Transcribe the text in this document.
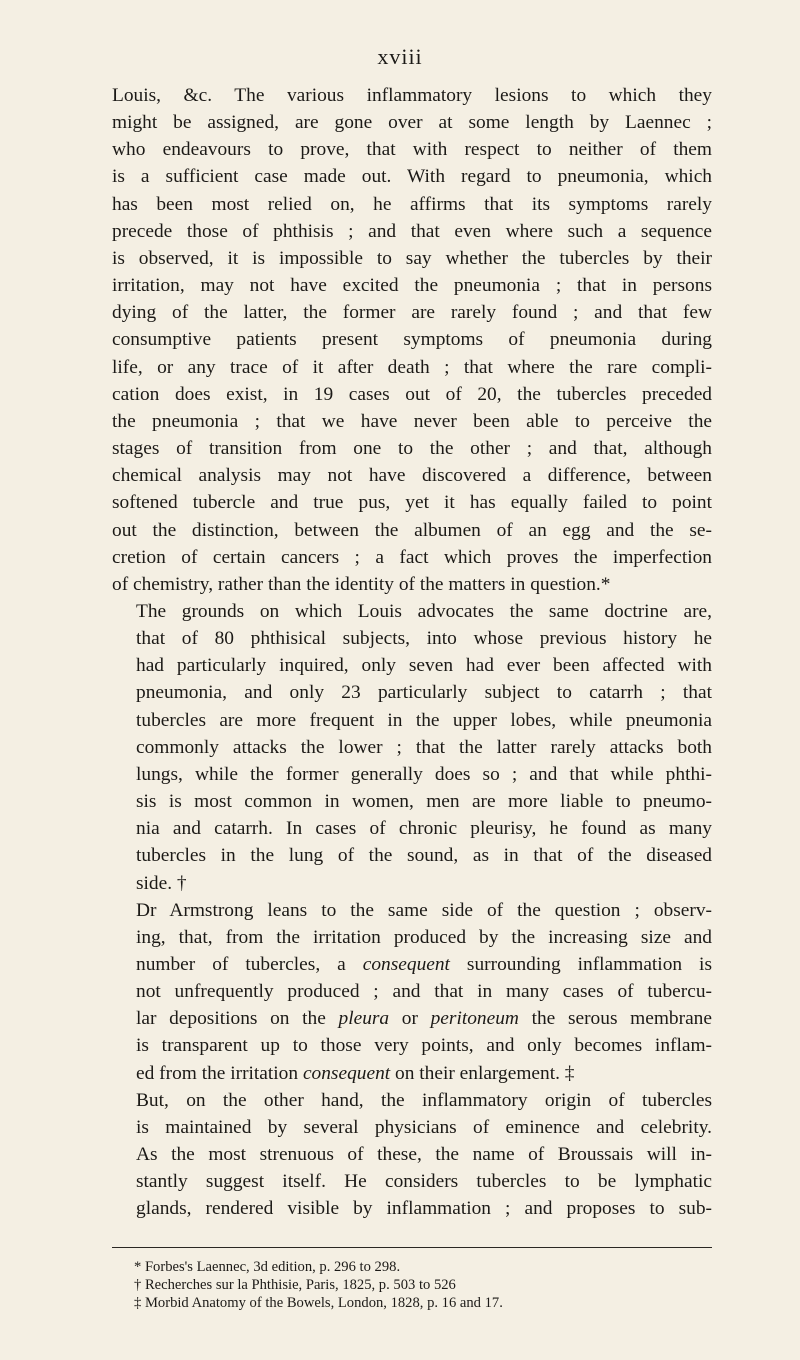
xviii

Louis, &c. The various inflammatory lesions to which they
might be assigned, are gone over at some length by Laennec ;
who endeavours to prove, that with respect to neither of them
is a sufficient case made out. With regard to pneumonia, which
has been most relied on, he affirms that its symptoms rarely
precede those of phthisis ; and that even where such a sequence
is observed, it is impossible to say whether the tubercles by their
irritation, may not have excited the pneumonia ; that in persons
dying of the latter, the former are rarely found ; and that few
consumptive patients present symptoms of pneumonia during
life, or any trace of it after death ; that where the rare compli-
cation does exist, in 19 cases out of 20, the tubercles preceded
the pneumonia ; that we have never been able to perceive the
stages of transition from one to the other ; and that, although
chemical analysis may not have discovered a difference, between
softened tubercle and true pus, yet it has equally failed to point
out the distinction, between the albumen of an egg and the se-
cretion of certain cancers ; a fact which proves the imperfection
of chemistry, rather than the identity of the matters in question.*

The grounds on which Louis advocates the same doctrine are,
that of 80 phthisical subjects, into whose previous history he
had particularly inquired, only seven had ever been affected with
pneumonia, and only 23 particularly subject to catarrh ; that
tubercles are more frequent in the upper lobes, while pneumonia
commonly attacks the lower ; that the latter rarely attacks both
lungs, while the former generally does so ; and that while phthi-
sis is most common in women, men are more liable to pneumo-
nia and catarrh. In cases of chronic pleurisy, he found as many
tubercles in the lung of the sound, as in that of the diseased
side. †

Dr Armstrong leans to the same side of the question ; observ-
ing, that, from the irritation produced by the increasing size and
number of tubercles, a consequent surrounding inflammation is
not unfrequently produced ; and that in many cases of tubercu-
lar depositions on the pleura or peritoneum the serous membrane
is transparent up to those very points, and only becomes inflam-
ed from the irritation consequent on their enlargement. ‡

But, on the other hand, the inflammatory origin of tubercles
is maintained by several physicians of eminence and celebrity.
As the most strenuous of these, the name of Broussais will in-
stantly suggest itself. He considers tubercles to be lymphatic
glands, rendered visible by inflammation ; and proposes to sub-

* Forbes's Laennec, 3d edition, p. 296 to 298.
† Recherches sur la Phthisie, Paris, 1825, p. 503 to 526
‡ Morbid Anatomy of the Bowels, London, 1828, p. 16 and 17.
